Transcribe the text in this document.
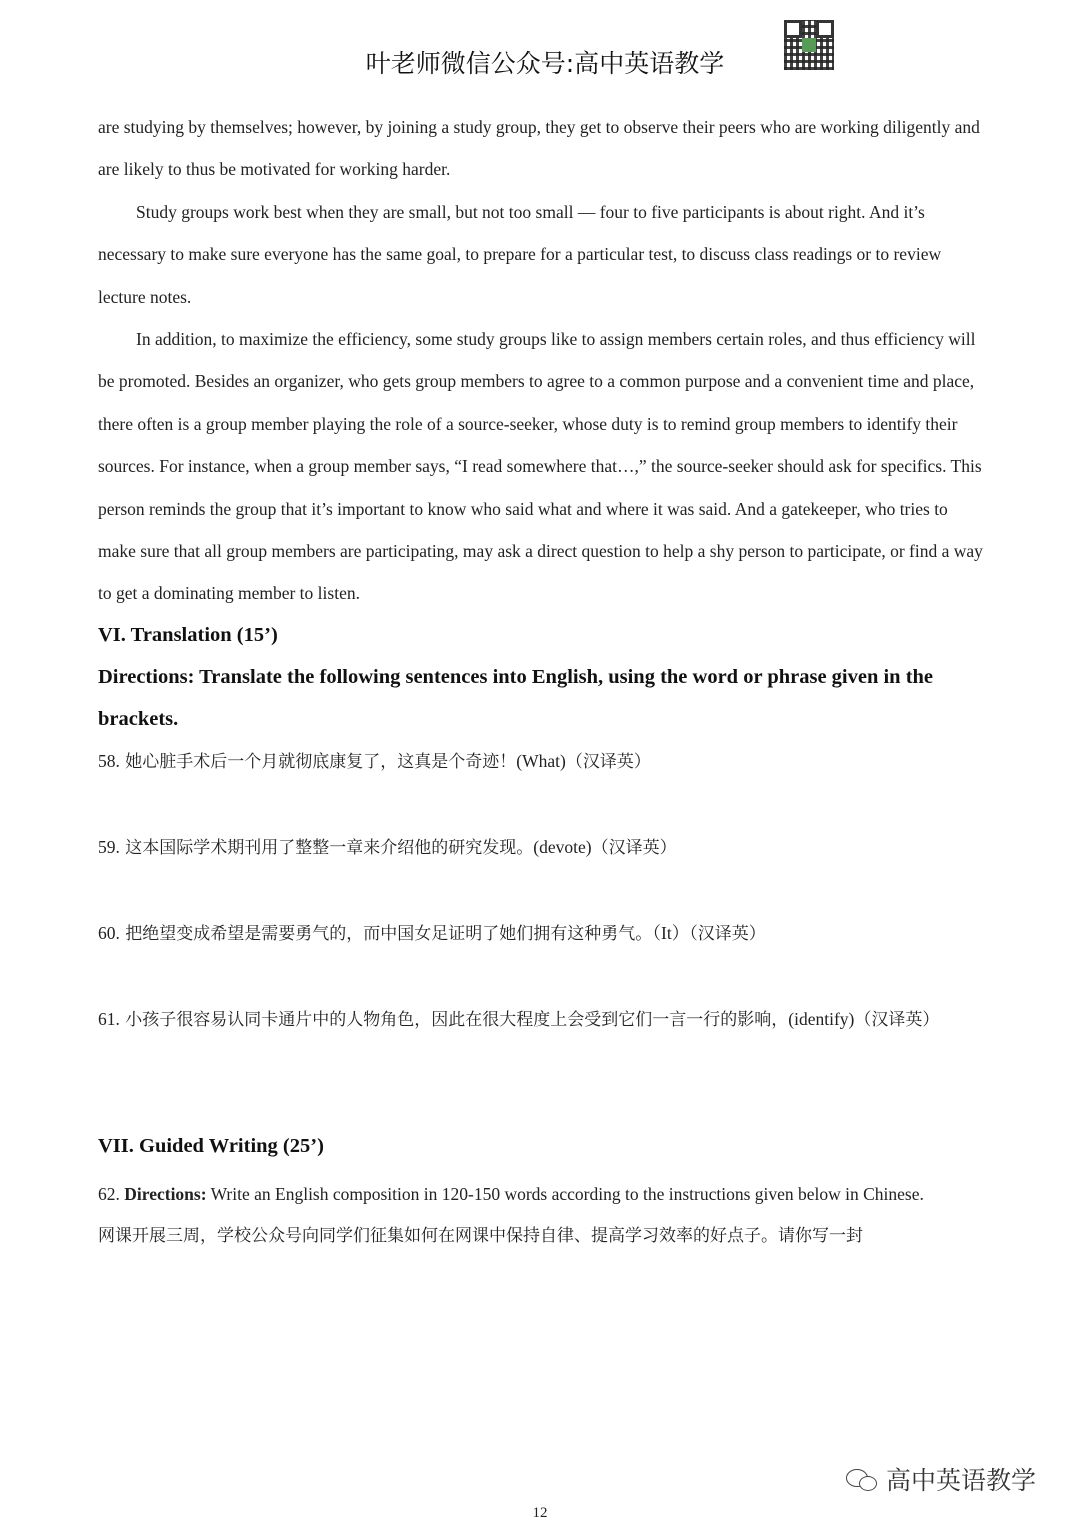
叶老师微信公众号:高中英语教学

are studying by themselves; however, by joining a study group, they get to observe their peers who are working diligently and are likely to thus be motivated for working harder.

Study groups work best when they are small, but not too small — four to five participants is about right. And it’s necessary to make sure everyone has the same goal, to prepare for a particular test, to discuss class readings or to review lecture notes.

In addition, to maximize the efficiency, some study groups like to assign members certain roles, and thus efficiency will be promoted. Besides an organizer, who gets group members to agree to a common purpose and a convenient time and place, there often is a group member playing the role of a source-seeker, whose duty is to remind group members to identify their sources. For instance, when a group member says, “I read somewhere that…,” the source-seeker should ask for specifics. This person reminds the group that it’s important to know who said what and where it was said. And a gatekeeper, who tries to make sure that all group members are participating, may ask a direct question to help a shy person to participate, or find a way to get a dominating member to listen.

VI. Translation (15’)

Directions: Translate the following sentences into English, using the word or phrase given in the brackets.

58. 她心脏手术后一个月就彻底康复了，这真是个奇迹！(What)（汉译英）

59. 这本国际学术期刊用了整整一章来介绍他的研究发现。(devote)（汉译英）

60. 把绝望变成希望是需要勇气的，而中国女足证明了她们拥有这种勇气。（It）（汉译英）

61. 小孩子很容易认同卡通片中的人物角色，因此在很大程度上会受到它们一言一行的影响，(identify)（汉译英）

VII. Guided Writing (25’)

62. Directions: Write an English composition in 120-150 words according to the instructions given below in Chinese.

网课开展三周，学校公众号向同学们征集如何在网课中保持自律、提高学习效率的好点子。请你写一封

高中英语教学
12
